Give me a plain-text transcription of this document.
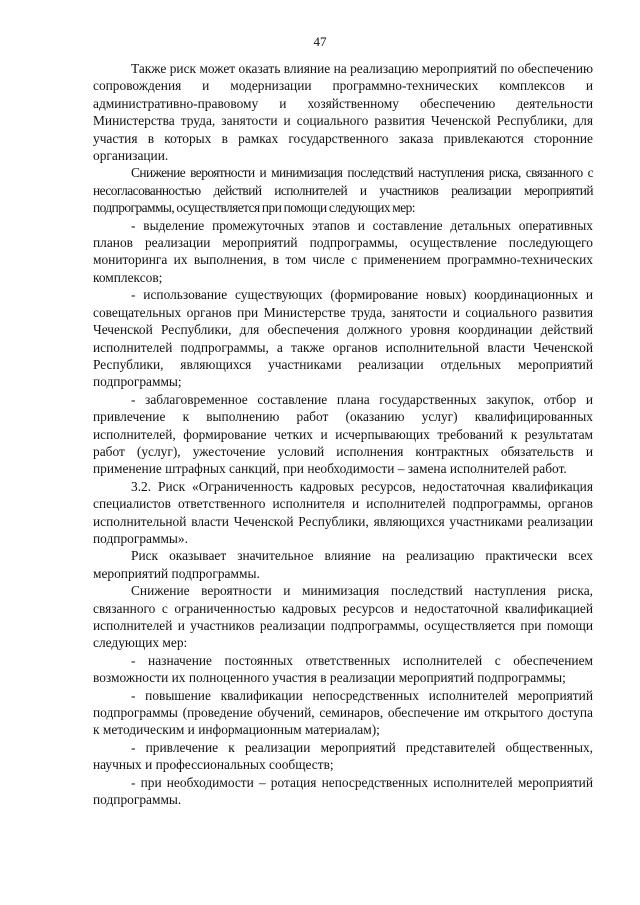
47

Также риск может оказать влияние на реализацию мероприятий по обеспечению сопровождения и модернизации программно-технических комплексов и административно-правовому и хозяйственному обеспечению деятельности Министерства труда, занятости и социального развития Чеченской Республики, для участия в которых в рамках государственного заказа привлекаются сторонние организации.

Снижение вероятности и минимизация последствий наступления риска, связанного с несогласованностью действий исполнителей и участников реализации мероприятий подпрограммы, осуществляется при помощи следующих мер:

- выделение промежуточных этапов и составление детальных оперативных планов реализации мероприятий подпрограммы, осуществление последующего мониторинга их выполнения, в том числе с применением программно-технических комплексов;

- использование существующих (формирование новых) координационных и совещательных органов при Министерстве труда, занятости и социального развития Чеченской Республики, для обеспечения должного уровня координации действий исполнителей подпрограммы, а также органов исполнительной власти Чеченской Республики, являющихся участниками реализации отдельных мероприятий подпрограммы;

- заблаговременное составление плана государственных закупок, отбор и привлечение к выполнению работ (оказанию услуг) квалифицированных исполнителей, формирование четких и исчерпывающих требований к результатам работ (услуг), ужесточение условий исполнения контрактных обязательств и применение штрафных санкций, при необходимости – замена исполнителей работ.

3.2. Риск «Ограниченность кадровых ресурсов, недостаточная квалификация специалистов ответственного исполнителя и исполнителей подпрограммы, органов исполнительной власти Чеченской Республики, являющихся участниками реализации подпрограммы».

Риск оказывает значительное влияние на реализацию практически всех мероприятий подпрограммы.

Снижение вероятности и минимизация последствий наступления риска, связанного с ограниченностью кадровых ресурсов и недостаточной квалификацией исполнителей и участников реализации подпрограммы, осуществляется при помощи следующих мер:

- назначение постоянных ответственных исполнителей с обеспечением возможности их полноценного участия в реализации мероприятий подпрограммы;

- повышение квалификации непосредственных исполнителей мероприятий подпрограммы (проведение обучений, семинаров, обеспечение им открытого доступа к методическим и информационным материалам);

- привлечение к реализации мероприятий представителей общественных, научных и профессиональных сообществ;

- при необходимости – ротация непосредственных исполнителей мероприятий подпрограммы.
